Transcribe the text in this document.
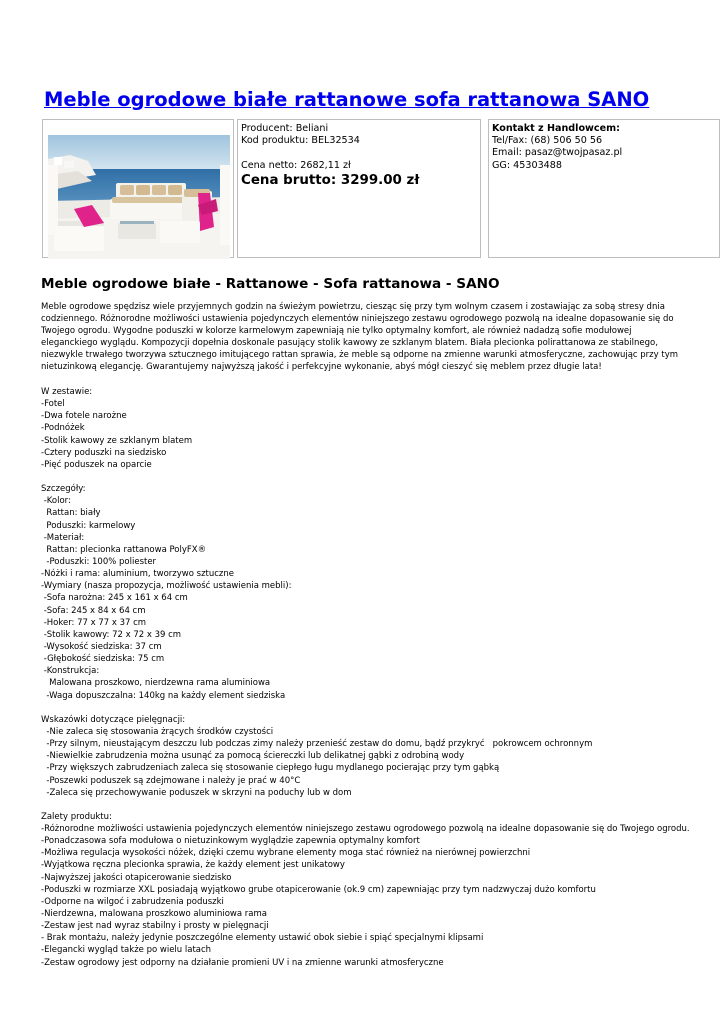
Meble ogrodowe białe rattanowe sofa rattanowa SANO
Producent: Beliani
Kod produktu: BEL32534
Cena netto: 2682,11 zł
Cena brutto: 3299.00 zł
Kontakt z Handlowcem:
Tel/Fax: (68) 506 50 56
Email: pasaz@twojpasaz.pl
GG: 45303488
Meble ogrodowe białe - Rattanowe - Sofa rattanowa - SANO

Meble ogrodowe spędzisz wiele przyjemnych godzin na świeżym powietrzu, ciesząc się przy tym wolnym czasem i zostawiając za sobą stresy dnia codziennego. Różnorodne możliwości ustawienia pojedynczych elementów niniejszego zestawu ogrodowego pozwolą na idealne dopasowanie się do Twojego ogrodu. Wygodne poduszki w kolorze karmelowym zapewniają nie tylko optymalny komfort, ale również nadadzą sofie modułowej eleganckiego wyglądu. Kompozycji dopełnia doskonale pasujący stolik kawowy ze szklanym blatem. Biała plecionka polirattanowa ze stabilnego, niezwykle trwałego tworzywa sztucznego imitującego rattan sprawia, że meble są odporne na zmienne warunki atmosferyczne, zachowując przy tym nietuzinkową elegancję. Gwarantujemy najwyższą jakość i perfekcyjne wykonanie, abyś mógł cieszyć się meblem przez długie lata!

W zestawie:
-Fotel
-Dwa fotele narożne
-Podnóżek
-Stolik kawowy ze szklanym blatem
-Cztery poduszki na siedzisko
-Pięć poduszek na oparcie
Szczegóły:
-Kolor:
Rattan: biały
Poduszki: karmelowy
-Materiał:
Rattan: plecionka rattanowa PolyFX®
-Poduszki: 100% poliester
-Nóżki i rama: aluminium, tworzywo sztuczne
-Wymiary (nasza propozycja, możliwość ustawienia mebli):
-Sofa narożna: 245 x 161 x 64 cm
-Sofa: 245 x 84 x 64 cm
-Hoker: 77 x 77 x 37 cm
-Stolik kawowy: 72 x 72 x 39 cm
-Wysokość siedziska: 37 cm
-Głębokość siedziska: 75 cm
-Konstrukcja:
Malowana proszkowo, nierdzewna rama aluminiowa
-Waga dopuszczalna: 140kg na każdy element siedziska
Wskazówki dotyczące pielęgnacji:
-Nie zaleca się stosowania żrących środków czystości
-Przy silnym, nieustającym deszczu lub podczas zimy należy przenieść zestaw do domu, bądź przykryć   pokrowcem ochronnym
-Niewielkie zabrudzenia można usunąć za pomocą ściereczki lub delikatnej gąbki z odrobiną wody
-Przy większych zabrudzeniach zaleca się stosowanie ciepłego ługu mydlanego pocierając przy tym gąbką
-Poszewki poduszek są zdejmowane i należy je prać w 40°C
-Zaleca się przechowywanie poduszek w skrzyni na poduchy lub w dom
Zalety produktu:
-Różnorodne możliwości ustawienia pojedynczych elementów niniejszego zestawu ogrodowego pozwolą na idealne dopasowanie się do Twojego ogrodu.
-Ponadczasowa sofa modułowa o nietuzinkowym wyglądzie zapewnia optymalny komfort
-Możliwa regulacja wysokości nóżek, dzięki czemu wybrane elementy moga stać również na nierównej powierzchni
-Wyjątkowa ręczna plecionka sprawia, że każdy element jest unikatowy
-Najwyższej jakości otapicerowanie siedzisko
-Poduszki w rozmiarze XXL posiadają wyjątkowo grube otapicerowanie (ok.9 cm) zapewniając przy tym nadzwyczaj dużo komfortu
-Odporne na wilgoć i zabrudzenia poduszki
-Nierdzewna, malowana proszkowo aluminiowa rama
-Zestaw jest nad wyraz stabilny i prosty w pielęgnacji
- Brak montażu, należy jedynie poszczególne elementy ustawić obok siebie i spiąć specjalnymi klipsami
-Elegancki wygląd także po wielu latach
-Zestaw ogrodowy jest odporny na działanie promieni UV i na zmienne warunki atmosferyczne
